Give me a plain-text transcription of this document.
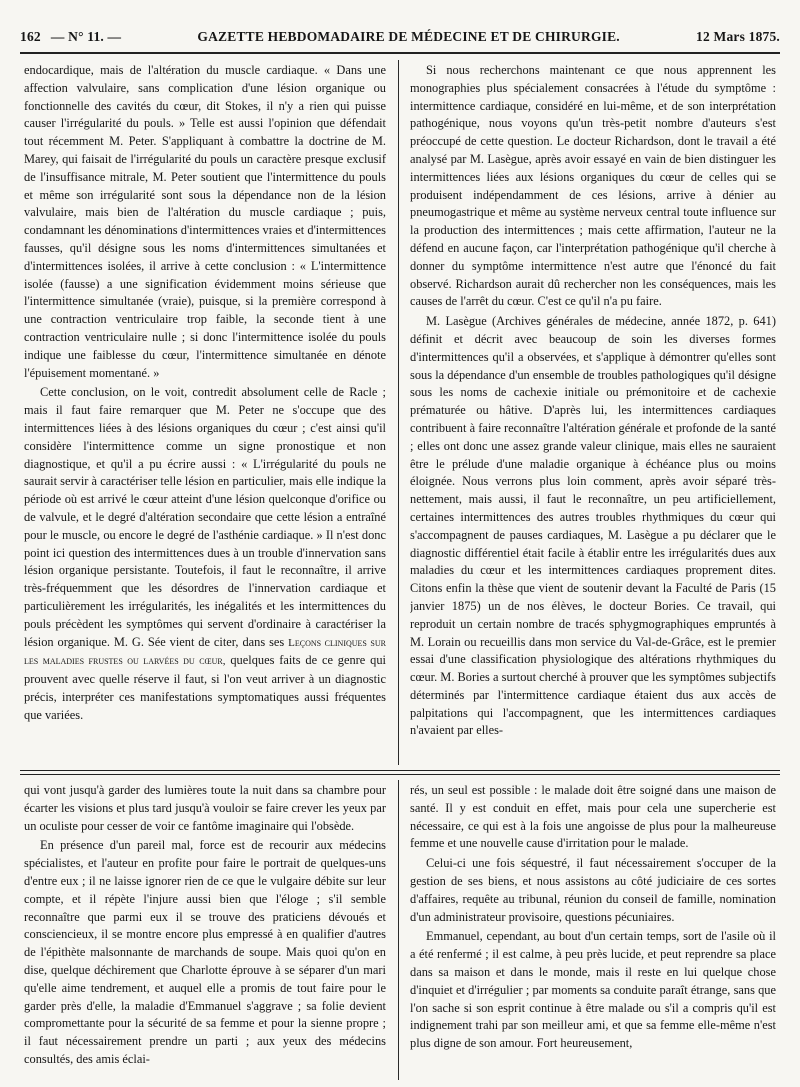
162 — N° 11. —	GAZETTE HEBDOMADAIRE DE MÉDECINE ET DE CHIRURGIE.	12 Mars 1875.

endocardique, mais de l'altération du muscle cardiaque. « Dans une affection valvulaire, sans complication d'une lésion organique ou fonctionnelle des cavités du cœur, dit Stokes, il n'y a rien qui puisse causer l'irrégularité du pouls. » Telle est aussi l'opinion que défendait tout récemment M. Peter. S'appliquant à combattre la doctrine de M. Marey, qui faisait de l'irrégularité du pouls un caractère presque exclusif de l'insuffisance mitrale, M. Peter soutient que l'intermittence du pouls et même son irrégularité sont sous la dépendance non de la lésion valvulaire, mais bien de l'altération du muscle cardiaque ; puis, condamnant les dénominations d'intermittences vraies et d'intermittences fausses, qu'il désigne sous les noms d'intermittences simultanées et d'intermittences isolées, il arrive à cette conclusion : « L'intermittence isolée (fausse) a une signification évidemment moins sérieuse que l'intermittence simultanée (vraie), puisque, si la première correspond à une contraction ventriculaire trop faible, la seconde tient à une contraction ventriculaire nulle ; si donc l'intermittence isolée du pouls indique une faiblesse du cœur, l'intermittence simultanée en dénote l'épuisement momentané. »

Cette conclusion, on le voit, contredit absolument celle de Racle ; mais il faut faire remarquer que M. Peter ne s'occupe que des intermittences liées à des lésions organiques du cœur ; c'est ainsi qu'il considère l'intermittence comme un signe pronostique et non diagnostique, et qu'il a pu écrire aussi : « L'irrégularité du pouls ne saurait servir à caractériser telle lésion en particulier, mais elle indique la période où est arrivé le cœur atteint d'une lésion quelconque d'orifice ou de valvule, et le degré d'altération secondaire que cette lésion a entraîné pour le muscle, ou encore le degré de l'asthénie cardiaque. » Il n'est donc point ici question des intermittences dues à un trouble d'innervation sans lésion organique persistante. Toutefois, il faut le reconnaître, il arrive très-fréquemment que les désordres de l'innervation cardiaque et particulièrement les irrégularités, les inégalités et les intermittences du pouls précèdent les symptômes qui servent d'ordinaire à caractériser la lésion organique. M. G. Sée vient de citer, dans ses Leçons cliniques sur les maladies frustes ou larvées du cœur, quelques faits de ce genre qui prouvent avec quelle réserve il faut, si l'on veut arriver à un diagnostic précis, interpréter ces manifestations symptomatiques aussi fréquentes que variées.

Si nous recherchons maintenant ce que nous apprennent les monographies plus spécialement consacrées à l'étude du symptôme : intermittence cardiaque, considéré en lui-même, et de son interprétation pathogénique, nous voyons qu'un très-petit nombre d'auteurs s'est préoccupé de cette question. Le docteur Richardson, dont le travail a été analysé par M. Lasègue, après avoir essayé en vain de bien distinguer les intermittences liées aux lésions organiques du cœur de celles qui se produisent indépendamment de ces lésions, arrive à dénier au pneumogastrique et même au système nerveux central toute influence sur la production des intermittences ; mais cette affirmation, l'auteur ne la défend en aucune façon, car l'interprétation pathogénique qu'il cherche à donner du symptôme intermittence n'est autre que l'énoncé du fait observé. Richardson aurait dû rechercher non les conséquences, mais les causes de l'arrêt du cœur. C'est ce qu'il n'a pu faire.

M. Lasègue (Archives générales de médecine, année 1872, p. 641) définit et décrit avec beaucoup de soin les diverses formes d'intermittences qu'il a observées, et s'applique à démontrer qu'elles sont sous la dépendance d'un ensemble de troubles pathologiques qu'il désigne sous les noms de cachexie initiale ou prémonitoire et de cachexie prématurée ou hâtive. D'après lui, les intermittences cardiaques contribuent à faire reconnaître l'altération générale et profonde de la santé ; elles ont donc une assez grande valeur clinique, mais elles ne sauraient être le prélude d'une maladie organique à échéance plus ou moins éloignée. Nous verrons plus loin comment, après avoir séparé très-nettement, mais aussi, il faut le reconnaître, un peu artificiellement, certaines intermittences des autres troubles rhythmiques du cœur qui s'accompagnent de pauses cardiaques, M. Lasègue a pu déclarer que le diagnostic différentiel était facile à établir entre les irrégularités dues aux maladies du cœur et les intermittences cardiaques proprement dites. Citons enfin la thèse que vient de soutenir devant la Faculté de Paris (15 janvier 1875) un de nos élèves, le docteur Bories. Ce travail, qui reproduit un certain nombre de tracés sphygmographiques empruntés à M. Lorain ou recueillis dans mon service du Val-de-Grâce, est le premier essai d'une classification physiologique des altérations rhythmiques du cœur. M. Bories a surtout cherché à prouver que les symptômes subjectifs déterminés par l'intermittence cardiaque étaient dus aux accès de palpitations qui l'accompagnent, que les intermittences cardiaques n'avaient par elles-

qui vont jusqu'à garder des lumières toute la nuit dans sa chambre pour écarter les visions et plus tard jusqu'à vouloir se faire crever les yeux par un oculiste pour cesser de voir ce fantôme imaginaire qui l'obsède.

En présence d'un pareil mal, force est de recourir aux médecins spécialistes, et l'auteur en profite pour faire le portrait de quelques-uns d'entre eux ; il ne laisse ignorer rien de ce que le vulgaire débite sur leur compte, et il répète l'injure aussi bien que l'éloge ; s'il semble reconnaître que parmi eux il se trouve des praticiens dévoués et consciencieux, il se montre encore plus empressé à en qualifier d'autres de l'épithète malsonnante de marchands de soupe. Mais quoi qu'on en dise, quelque déchirement que Charlotte éprouve à se séparer d'un mari qu'elle aime tendrement, et auquel elle a promis de tout faire pour le garder près d'elle, la maladie d'Emmanuel s'aggrave ; sa folie devient compromettante pour la sécurité de sa femme et pour la sienne propre ; il faut nécessairement prendre un parti ; aux yeux des médecins consultés, des amis éclai-

rés, un seul est possible : le malade doit être soigné dans une maison de santé. Il y est conduit en effet, mais pour cela une supercherie est nécessaire, ce qui est à la fois une angoisse de plus pour la malheureuse femme et une nouvelle cause d'irritation pour le malade.

Celui-ci une fois séquestré, il faut nécessairement s'occuper de la gestion de ses biens, et nous assistons au côté judiciaire de ces sortes d'affaires, requête au tribunal, réunion du conseil de famille, nomination d'un administrateur provisoire, questions pécuniaires.

Emmanuel, cependant, au bout d'un certain temps, sort de l'asile où il a été renfermé ; il est calme, à peu près lucide, et peut reprendre sa place dans sa maison et dans le monde, mais il reste en lui quelque chose d'inquiet et d'irrégulier ; par moments sa conduite paraît étrange, sans que l'on sache si son esprit continue à être malade ou s'il a compris qu'il est indignement trahi par son meilleur ami, et que sa femme elle-même n'est plus digne de son amour. Fort heureusement,
